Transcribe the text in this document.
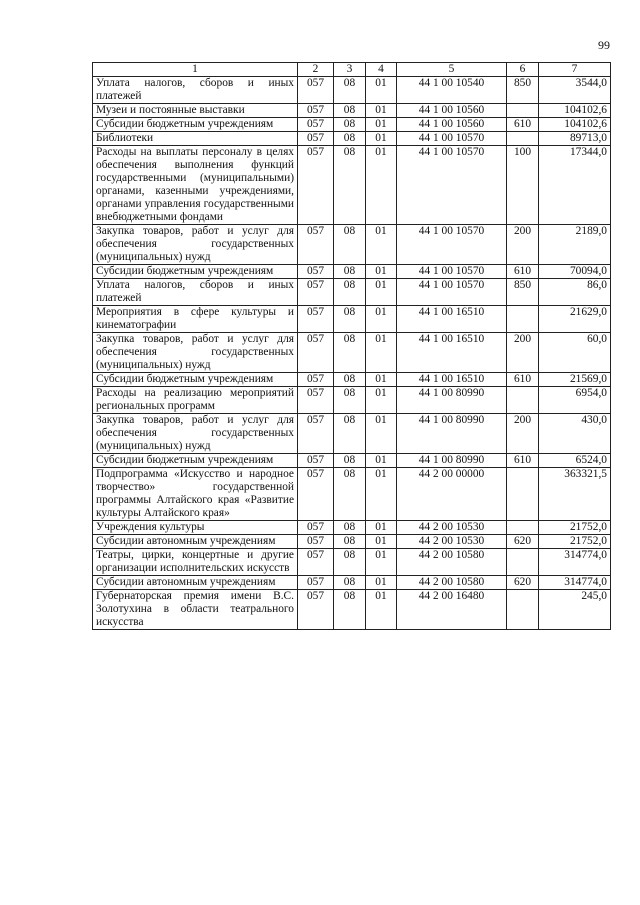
99
1	2	3	4	5	6	7
Уплата налогов, сборов и иных платежей	057	08	01	44 1 00 10540	850	3544,0
Музеи и постоянные выставки	057	08	01	44 1 00 10560		104102,6
Субсидии бюджетным учреждениям	057	08	01	44 1 00 10560	610	104102,6
Библиотеки	057	08	01	44 1 00 10570		89713,0
Расходы на выплаты персоналу в целях обеспечения выполнения функций государственными (муниципальными) органами, казенными учреждениями, органами управления государственными внебюджетными фондами	057	08	01	44 1 00 10570	100	17344,0
Закупка товаров, работ и услуг для обеспечения государственных (муниципальных) нужд	057	08	01	44 1 00 10570	200	2189,0
Субсидии бюджетным учреждениям	057	08	01	44 1 00 10570	610	70094,0
Уплата налогов, сборов и иных платежей	057	08	01	44 1 00 10570	850	86,0
Мероприятия в сфере культуры и кинематографии	057	08	01	44 1 00 16510		21629,0
Закупка товаров, работ и услуг для обеспечения государственных (муниципальных) нужд	057	08	01	44 1 00 16510	200	60,0
Субсидии бюджетным учреждениям	057	08	01	44 1 00 16510	610	21569,0
Расходы на реализацию мероприятий региональных программ	057	08	01	44 1 00 80990		6954,0
Закупка товаров, работ и услуг для обеспечения государственных (муниципальных) нужд	057	08	01	44 1 00 80990	200	430,0
Субсидии бюджетным учреждениям	057	08	01	44 1 00 80990	610	6524,0
Подпрограмма «Искусство и народное творчество» государственной программы Алтайского края «Развитие культуры Алтайского края»	057	08	01	44 2 00 00000		363321,5
Учреждения культуры	057	08	01	44 2 00 10530		21752,0
Субсидии автономным учреждениям	057	08	01	44 2 00 10530	620	21752,0
Театры, цирки, концертные и другие организации исполнительских искусств	057	08	01	44 2 00 10580		314774,0
Субсидии автономным учреждениям	057	08	01	44 2 00 10580	620	314774,0
Губернаторская премия имени В.С. Золотухина в области театрального искусства	057	08	01	44 2 00 16480		245,0
